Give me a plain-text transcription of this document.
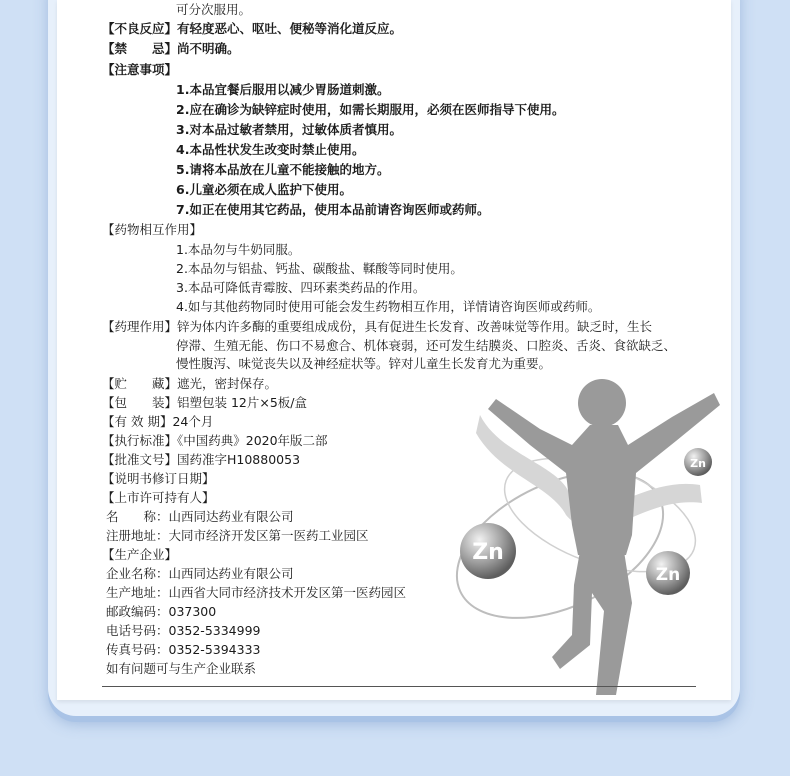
Zn
Zn
Zn
可分次服用。
【不良反应】有轻度恶心、呕吐、便秘等消化道反应。
【禁　　忌】尚不明确。
【注意事项】
1.本品宜餐后服用以减少胃肠道刺激。
2.应在确诊为缺锌症时使用，如需长期服用，必须在医师指导下使用。
3.对本品过敏者禁用，过敏体质者慎用。
4.本品性状发生改变时禁止使用。
5.请将本品放在儿童不能接触的地方。
6.儿童必须在成人监护下使用。
7.如正在使用其它药品，使用本品前请咨询医师或药师。
【药物相互作用】
1.本品勿与牛奶同服。
2.本品勿与铝盐、钙盐、碳酸盐、鞣酸等同时使用。
3.本品可降低青霉胺、四环素类药品的作用。
4.如与其他药物同时使用可能会发生药物相互作用，详情请咨询医师或药师。
【药理作用】锌为体内许多酶的重要组成成份，具有促进生长发育、改善味觉等作用。缺乏时，生长
停滞、生殖无能、伤口不易愈合、机体衰弱，还可发生结膜炎、口腔炎、舌炎、食欲缺乏、
慢性腹泻、味觉丧失以及神经症状等。锌对儿童生长发育尤为重要。
【贮　　藏】遮光，密封保存。
【包　　装】铝塑包装 12片×5板/盒
【有 效 期】24个月
【执行标准】《中国药典》2020年版二部
【批准文号】国药准字H10880053
【说明书修订日期】
【上市许可持有人】
名　　称：山西同达药业有限公司
注册地址：大同市经济开发区第一医药工业园区
【生产企业】
企业名称：山西同达药业有限公司
生产地址：山西省大同市经济技术开发区第一医药园区
邮政编码：037300
电话号码：0352-5334999
传真号码：0352-5394333
如有问题可与生产企业联系
